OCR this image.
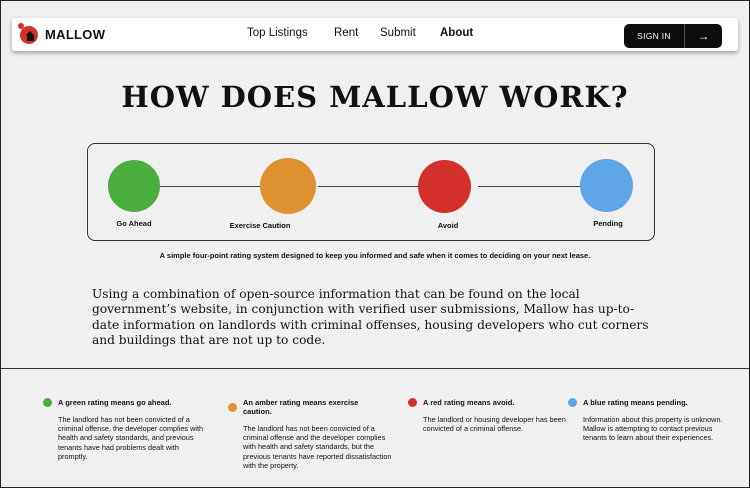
MALLOW	Top Listings Rent Submit About	SIGN IN	→
HOW DOES MALLOW WORK?
Go Ahead	Exercise Caution	Avoid	Pending

A simple four-point rating system designed to keep you informed and safe when it comes to deciding on your next lease.

Using a combination of open-source information that can be found on the local government’s website, in conjunction with verified user submissions, Mallow has up-to-date information on landlords with criminal offenses, housing developers who cut corners and buildings that are not up to code.

A green rating means go ahead.

The landlord has not been convicted of a criminal offense, the developer complies with health and safety standards, and previous tenants have had problems dealt with promptly.

An amber rating means exercise caution.

The landlord has not been convicted of a criminal offense and the developer complies with health and safety standards, but the previous tenants have reported dissatisfaction with the property.

A red rating means avoid.

The landlord or housing developer has been convicted of a criminal offense.

A blue rating means pending.

Information about this property is unknown. Mallow is attempting to contact previous tenants to learn about their experiences.
